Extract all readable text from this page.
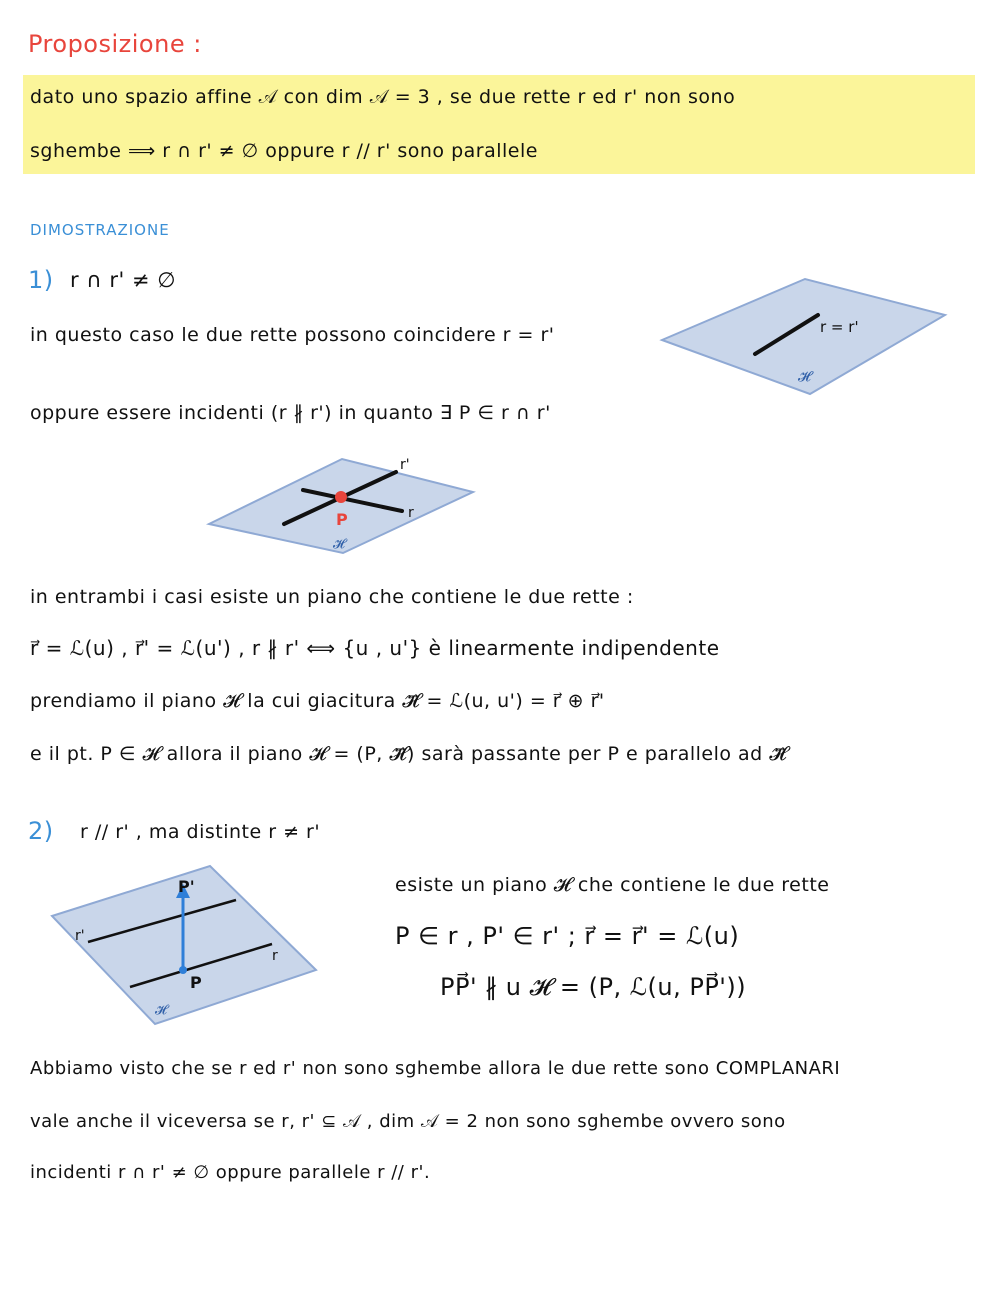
Proposizione :
dato uno spazio affine 𝒜 con dim 𝒜 = 3 , se due rette r ed r' non sono
sghembe ⟹ r ∩ r' ≠ ∅ oppure r // r' sono parallele
DIMOSTRAZIONE
1) r ∩ r' ≠ ∅
in questo caso le due rette possono coincidere r = r'	r = r'
𝓗
oppure essere incidenti (r ∦ r') in quanto ∃ P ∈ r ∩ r'
P
r'
r
𝓗
in entrambi i casi esiste un piano che contiene le due rette :
r⃗ = ℒ(u) , r⃗' = ℒ(u') , r ∦ r' ⟺ {u , u'} è linearmente indipendente
prendiamo il piano 𝓗 la cui giacitura 𝓗⃗ = ℒ(u, u') = r⃗ ⊕ r⃗'
e il pt. P ∈ 𝓗 allora il piano 𝓗 = (P, 𝓗⃗) sarà passante per P e parallelo ad 𝓗⃗
2) r // r' , ma distinte r ≠ r'
P'
P
r'
r
𝓗
esiste un piano 𝓗 che contiene le due rette
P ∈ r , P' ∈ r' ; r⃗ = r⃗' = ℒ(u)
PP⃗' ∦ u 𝓗 = (P, ℒ(u, PP⃗'))
Abbiamo visto che se r ed r' non sono sghembe allora le due rette sono COMPLANARI
vale anche il viceversa se r, r' ⊆ 𝒜 , dim 𝒜 = 2 non sono sghembe ovvero sono
incidenti r ∩ r' ≠ ∅ oppure parallele r // r'.
